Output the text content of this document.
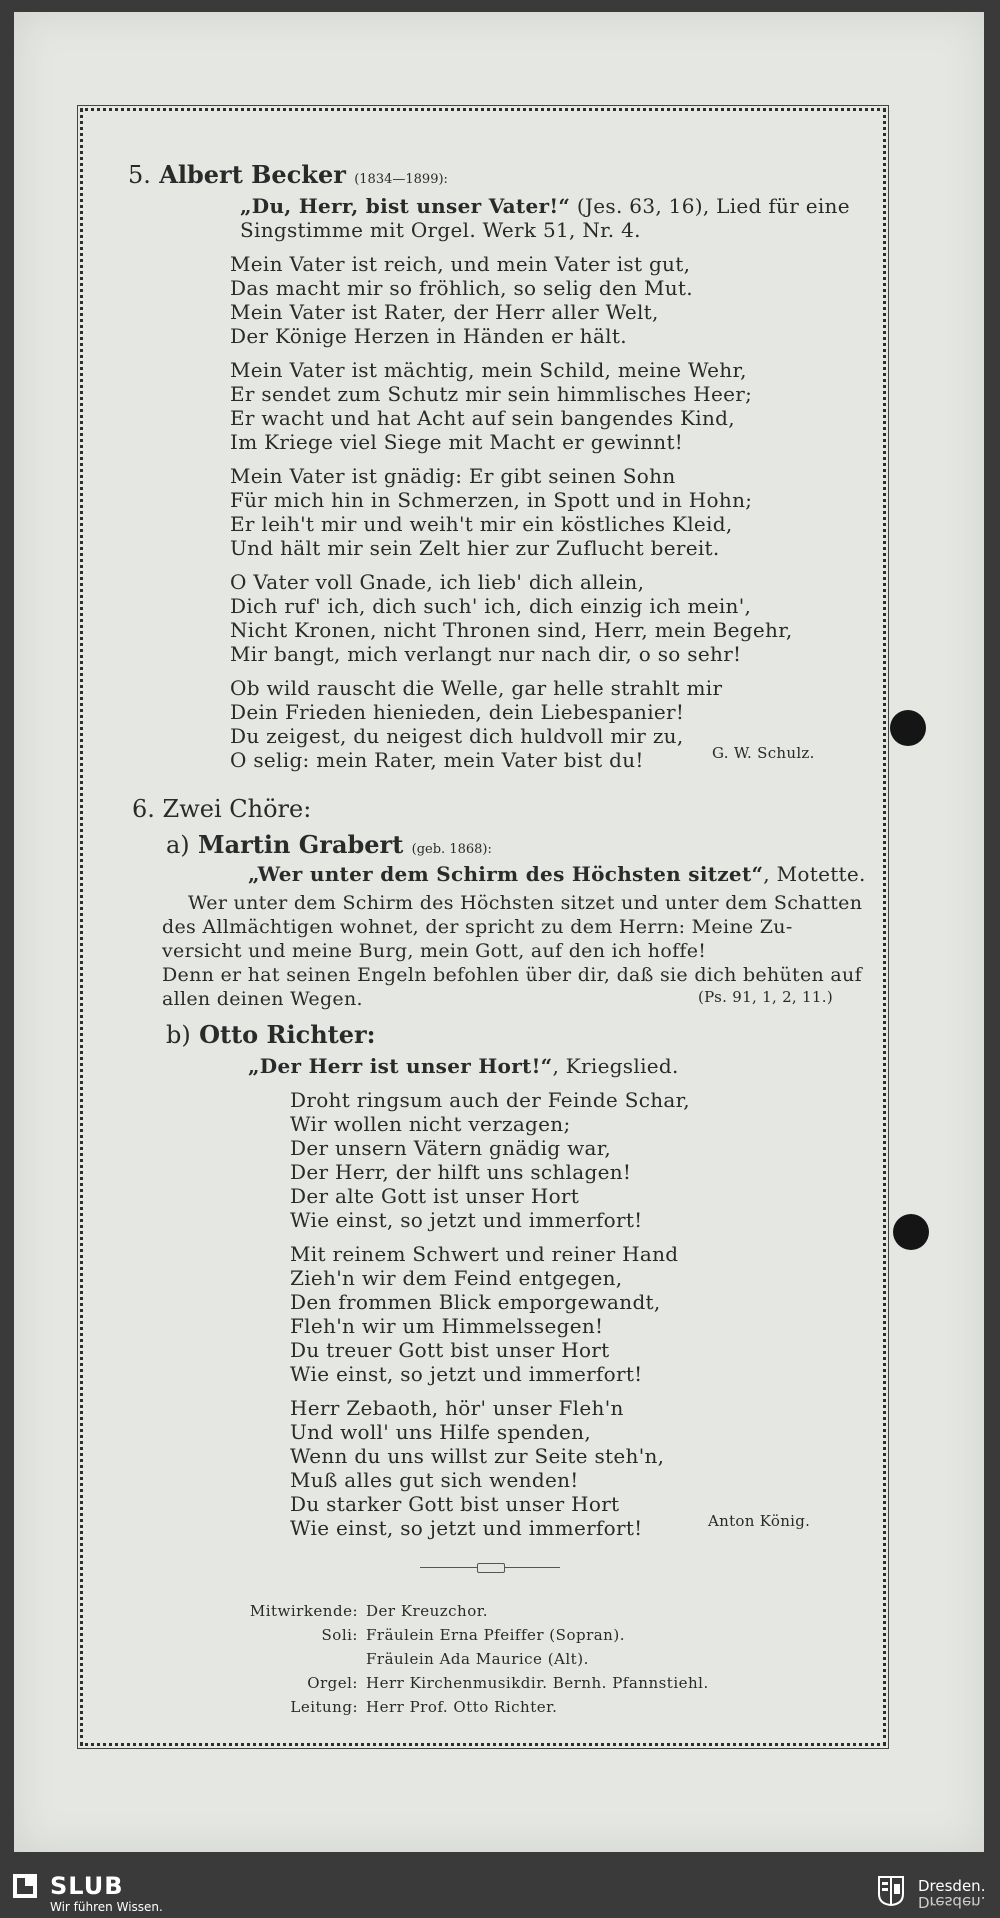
5. Albert Becker (1834—1899):
„Du, Herr, bist unser Vater!“ (Jes. 63, 16), Lied für eine
Singstimme mit Orgel. Werk 51, Nr. 4.
Mein Vater ist reich, und mein Vater ist gut,
Das macht mir so fröhlich, so selig den Mut.
Mein Vater ist Rater, der Herr aller Welt,
Der Könige Herzen in Händen er hält.
Mein Vater ist mächtig, mein Schild, meine Wehr,
Er sendet zum Schutz mir sein himmlisches Heer;
Er wacht und hat Acht auf sein bangendes Kind,
Im Kriege viel Siege mit Macht er gewinnt!
Mein Vater ist gnädig: Er gibt seinen Sohn
Für mich hin in Schmerzen, in Spott und in Hohn;
Er leih't mir und weih't mir ein köstliches Kleid,
Und hält mir sein Zelt hier zur Zuflucht bereit.
O Vater voll Gnade, ich lieb' dich allein,
Dich ruf' ich, dich such' ich, dich einzig ich mein',
Nicht Kronen, nicht Thronen sind, Herr, mein Begehr,
Mir bangt, mich verlangt nur nach dir, o so sehr!
Ob wild rauscht die Welle, gar helle strahlt mir
Dein Frieden hienieden, dein Liebespanier!
Du zeigest, du neigest dich huldvoll mir zu,
O selig: mein Rater, mein Vater bist du!	G. W. Schulz.
6. Zwei Chöre:
a) Martin Grabert (geb. 1868):
„Wer unter dem Schirm des Höchsten sitzet“, Motette.
Wer unter dem Schirm des Höchsten sitzet und unter dem Schatten
des Allmächtigen wohnet, der spricht zu dem Herrn: Meine Zu-
versicht und meine Burg, mein Gott, auf den ich hoffe!
Denn er hat seinen Engeln befohlen über dir, daß sie dich behüten auf
allen deinen Wegen.	(Ps. 91, 1, 2, 11.)
b) Otto Richter:
„Der Herr ist unser Hort!“, Kriegslied.
Droht ringsum auch der Feinde Schar,
Wir wollen nicht verzagen;
Der unsern Vätern gnädig war,
Der Herr, der hilft uns schlagen!
Der alte Gott ist unser Hort
Wie einst, so jetzt und immerfort!
Mit reinem Schwert und reiner Hand
Zieh'n wir dem Feind entgegen,
Den frommen Blick emporgewandt,
Fleh'n wir um Himmelssegen!
Du treuer Gott bist unser Hort
Wie einst, so jetzt und immerfort!
Herr Zebaoth, hör' unser Fleh'n
Und woll' uns Hilfe spenden,
Wenn du uns willst zur Seite steh'n,
Muß alles gut sich wenden!
Du starker Gott bist unser Hort
Wie einst, so jetzt und immerfort!	Anton König.
Mitwirkende: Der Kreuzchor.
Soli: Fräulein Erna Pfeiffer (Sopran).
Fräulein Ada Maurice (Alt).
Orgel: Herr Kirchenmusikdir. Bernh. Pfannstiehl.
Leitung: Herr Prof. Otto Richter.
SLUB
Wir führen Wissen.
Dresden.
Dresden.
